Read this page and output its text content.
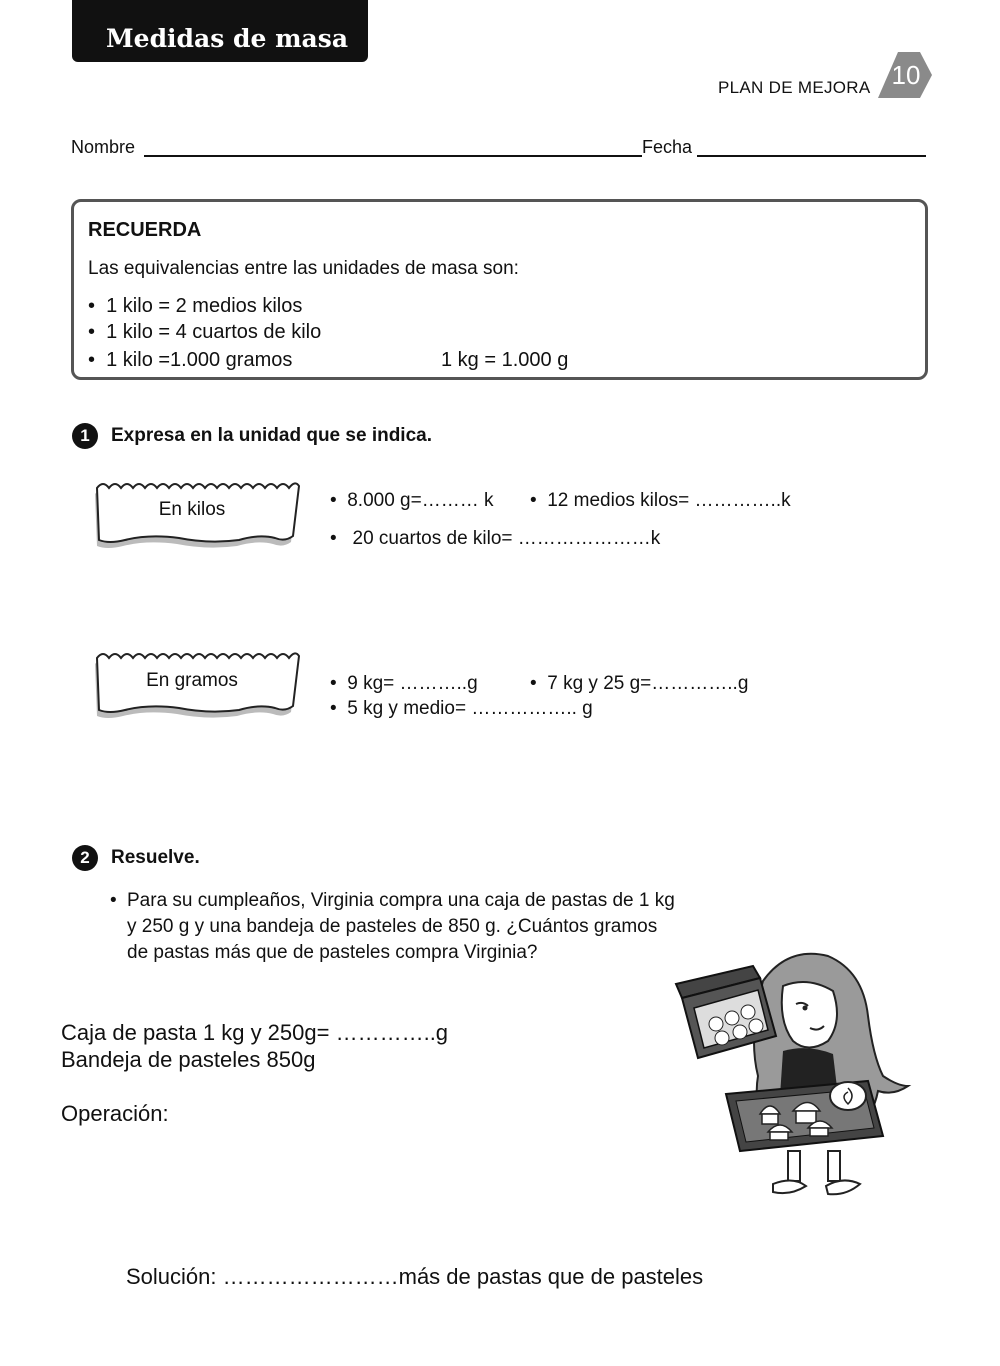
Medidas de masa
PLAN DE MEJORA 10
Nombre	Fecha
RECUERDA
Las equivalencias entre las unidades de masa son:
•  1 kilo = 2 medios kilos
•  1 kilo = 4 cuartos de kilo
•  1 kilo =1.000 gramos	1 kg = 1.000 g
1	Expresa en la unidad que se indica.
En kilos	•  8.000 g=……… k •  12 medios kilos= …………..k
•   20 cuartos de kilo= …………………k
En gramos	•  9 kg= ………..g	•  7 kg y 25 g=…………..g
•  5 kg y medio= …………….. g
2	Resuelve.
• Para su cumpleaños, Virginia compra una caja de pastas de 1 kg
y 250 g y una bandeja de pasteles de 850 g. ¿Cuántos gramos
de pastas más que de pasteles compra Virginia?
Caja de pasta 1 kg y 250g= …………..g
Bandeja de pasteles 850g
Operación:
Solución: ……………………más de pastas que de pasteles
